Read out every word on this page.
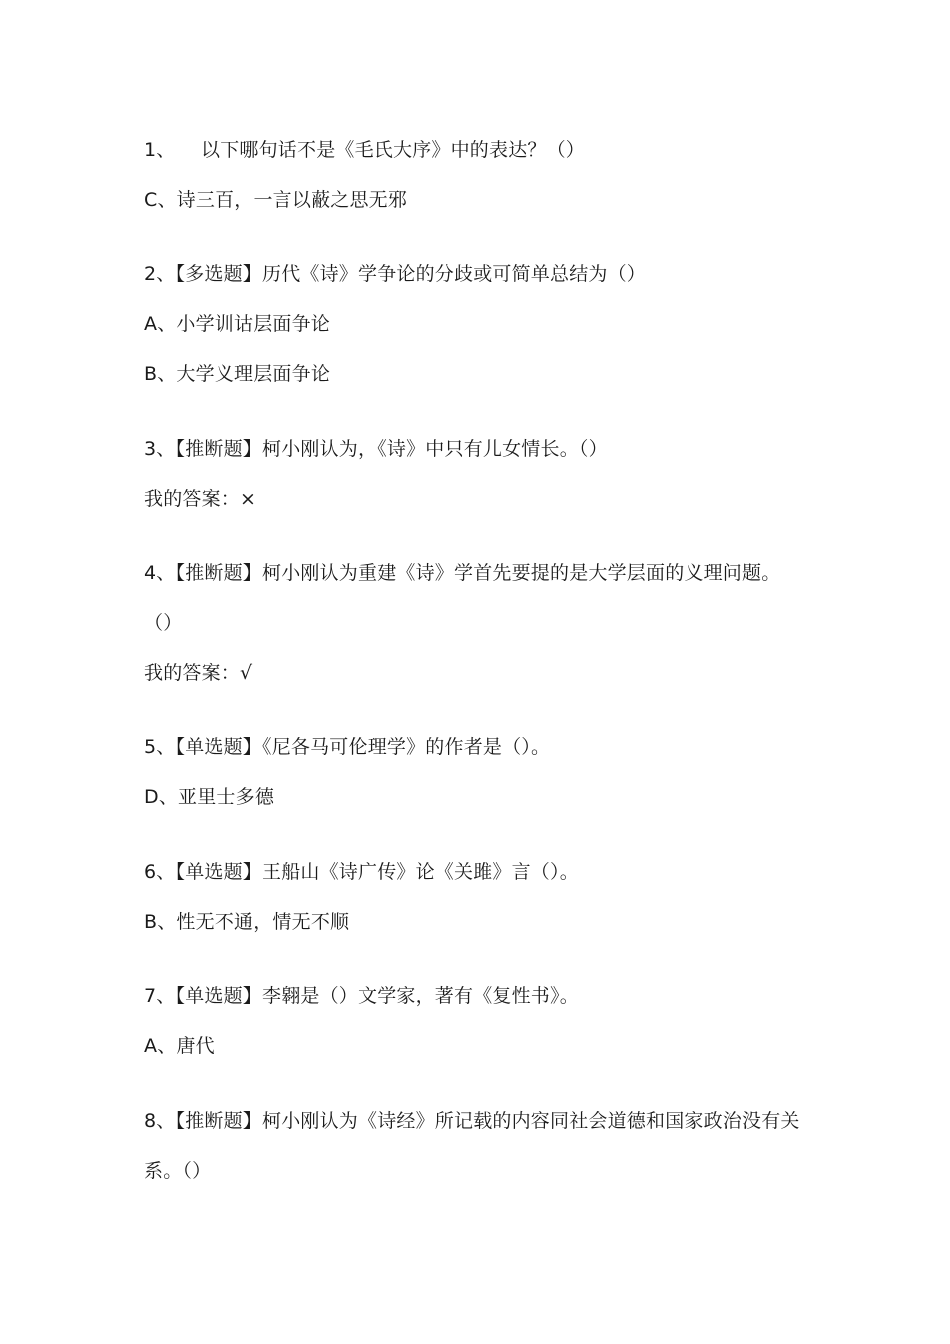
1、 以下哪句话不是《毛氏大序》中的表达？（）
C、诗三百，一言以蔽之思无邪
2、【多选题】历代《诗》学争论的分歧或可简单总结为（）
A、小学训诂层面争论
B、大学义理层面争论
3、【推断题】柯小刚认为，《诗》中只有儿女情长。（）
我的答案：×
4、【推断题】柯小刚认为重建《诗》学首先要提的是大学层面的义理问题。
（）
我的答案：√
5、【单选题】《尼各马可伦理学》的作者是（）。
D、亚里士多德
6、【单选题】王船山《诗广传》论《关雎》言（）。
B、性无不通，情无不顺
7、【单选题】李翱是（）文学家，著有《复性书》。
A、唐代
8、【推断题】柯小刚认为《诗经》所记载的内容同社会道德和国家政治没有关
系。（）
